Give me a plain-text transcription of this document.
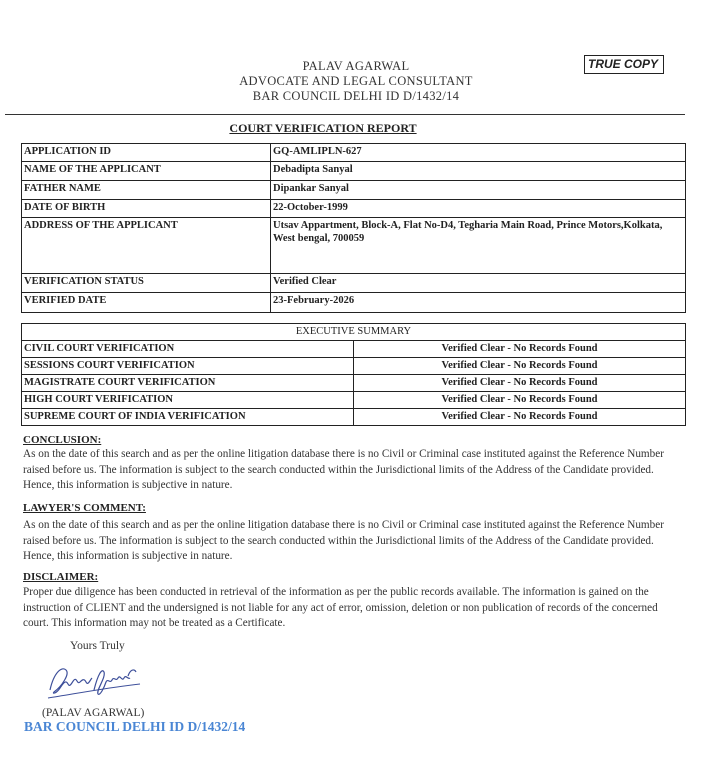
PALAV AGARWAL
ADVOCATE AND LEGAL CONSULTANT
BAR COUNCIL DELHI ID D/1432/14
TRUE COPY
COURT VERIFICATION REPORT
APPLICATION ID	GQ-AMLIPLN-627
NAME OF THE APPLICANT	Debadipta Sanyal
FATHER NAME	Dipankar Sanyal
DATE OF BIRTH	22-October-1999
ADDRESS OF THE APPLICANT	Utsav Appartment, Block-A, Flat No-D4, Tegharia Main Road, Prince Motors,Kolkata, West bengal, 700059
VERIFICATION STATUS	Verified Clear
VERIFIED DATE	23-February-2026
EXECUTIVE SUMMARY	
CIVIL COURT VERIFICATION	Verified Clear - No Records Found
SESSIONS COURT VERIFICATION	Verified Clear - No Records Found
MAGISTRATE COURT VERIFICATION	Verified Clear - No Records Found
HIGH COURT VERIFICATION	Verified Clear - No Records Found
SUPREME COURT OF INDIA VERIFICATION	Verified Clear - No Records Found
CONCLUSION:
As on the date of this search and as per the online litigation database there is no Civil or Criminal case instituted against the Reference Number raised before us. The information is subject to the search conducted within the Jurisdictional limits of the Address of the Candidate provided. Hence, this information is subjective in nature.
LAWYER'S COMMENT:
As on the date of this search and as per the online litigation database there is no Civil or Criminal case instituted against the Reference Number raised before us. The information is subject to the search conducted within the Jurisdictional limits of the Address of the Candidate provided. Hence, this information is subjective in nature.
DISCLAIMER:
Proper due diligence has been conducted in retrieval of the information as per the public records available. The information is gained on the instruction of CLIENT and the undersigned is not liable for any act of error, omission, deletion or non publication of records of the concerned court. This information may not be treated as a Certificate.
Yours Truly
(PALAV AGARWAL)
BAR COUNCIL DELHI ID D/1432/14
